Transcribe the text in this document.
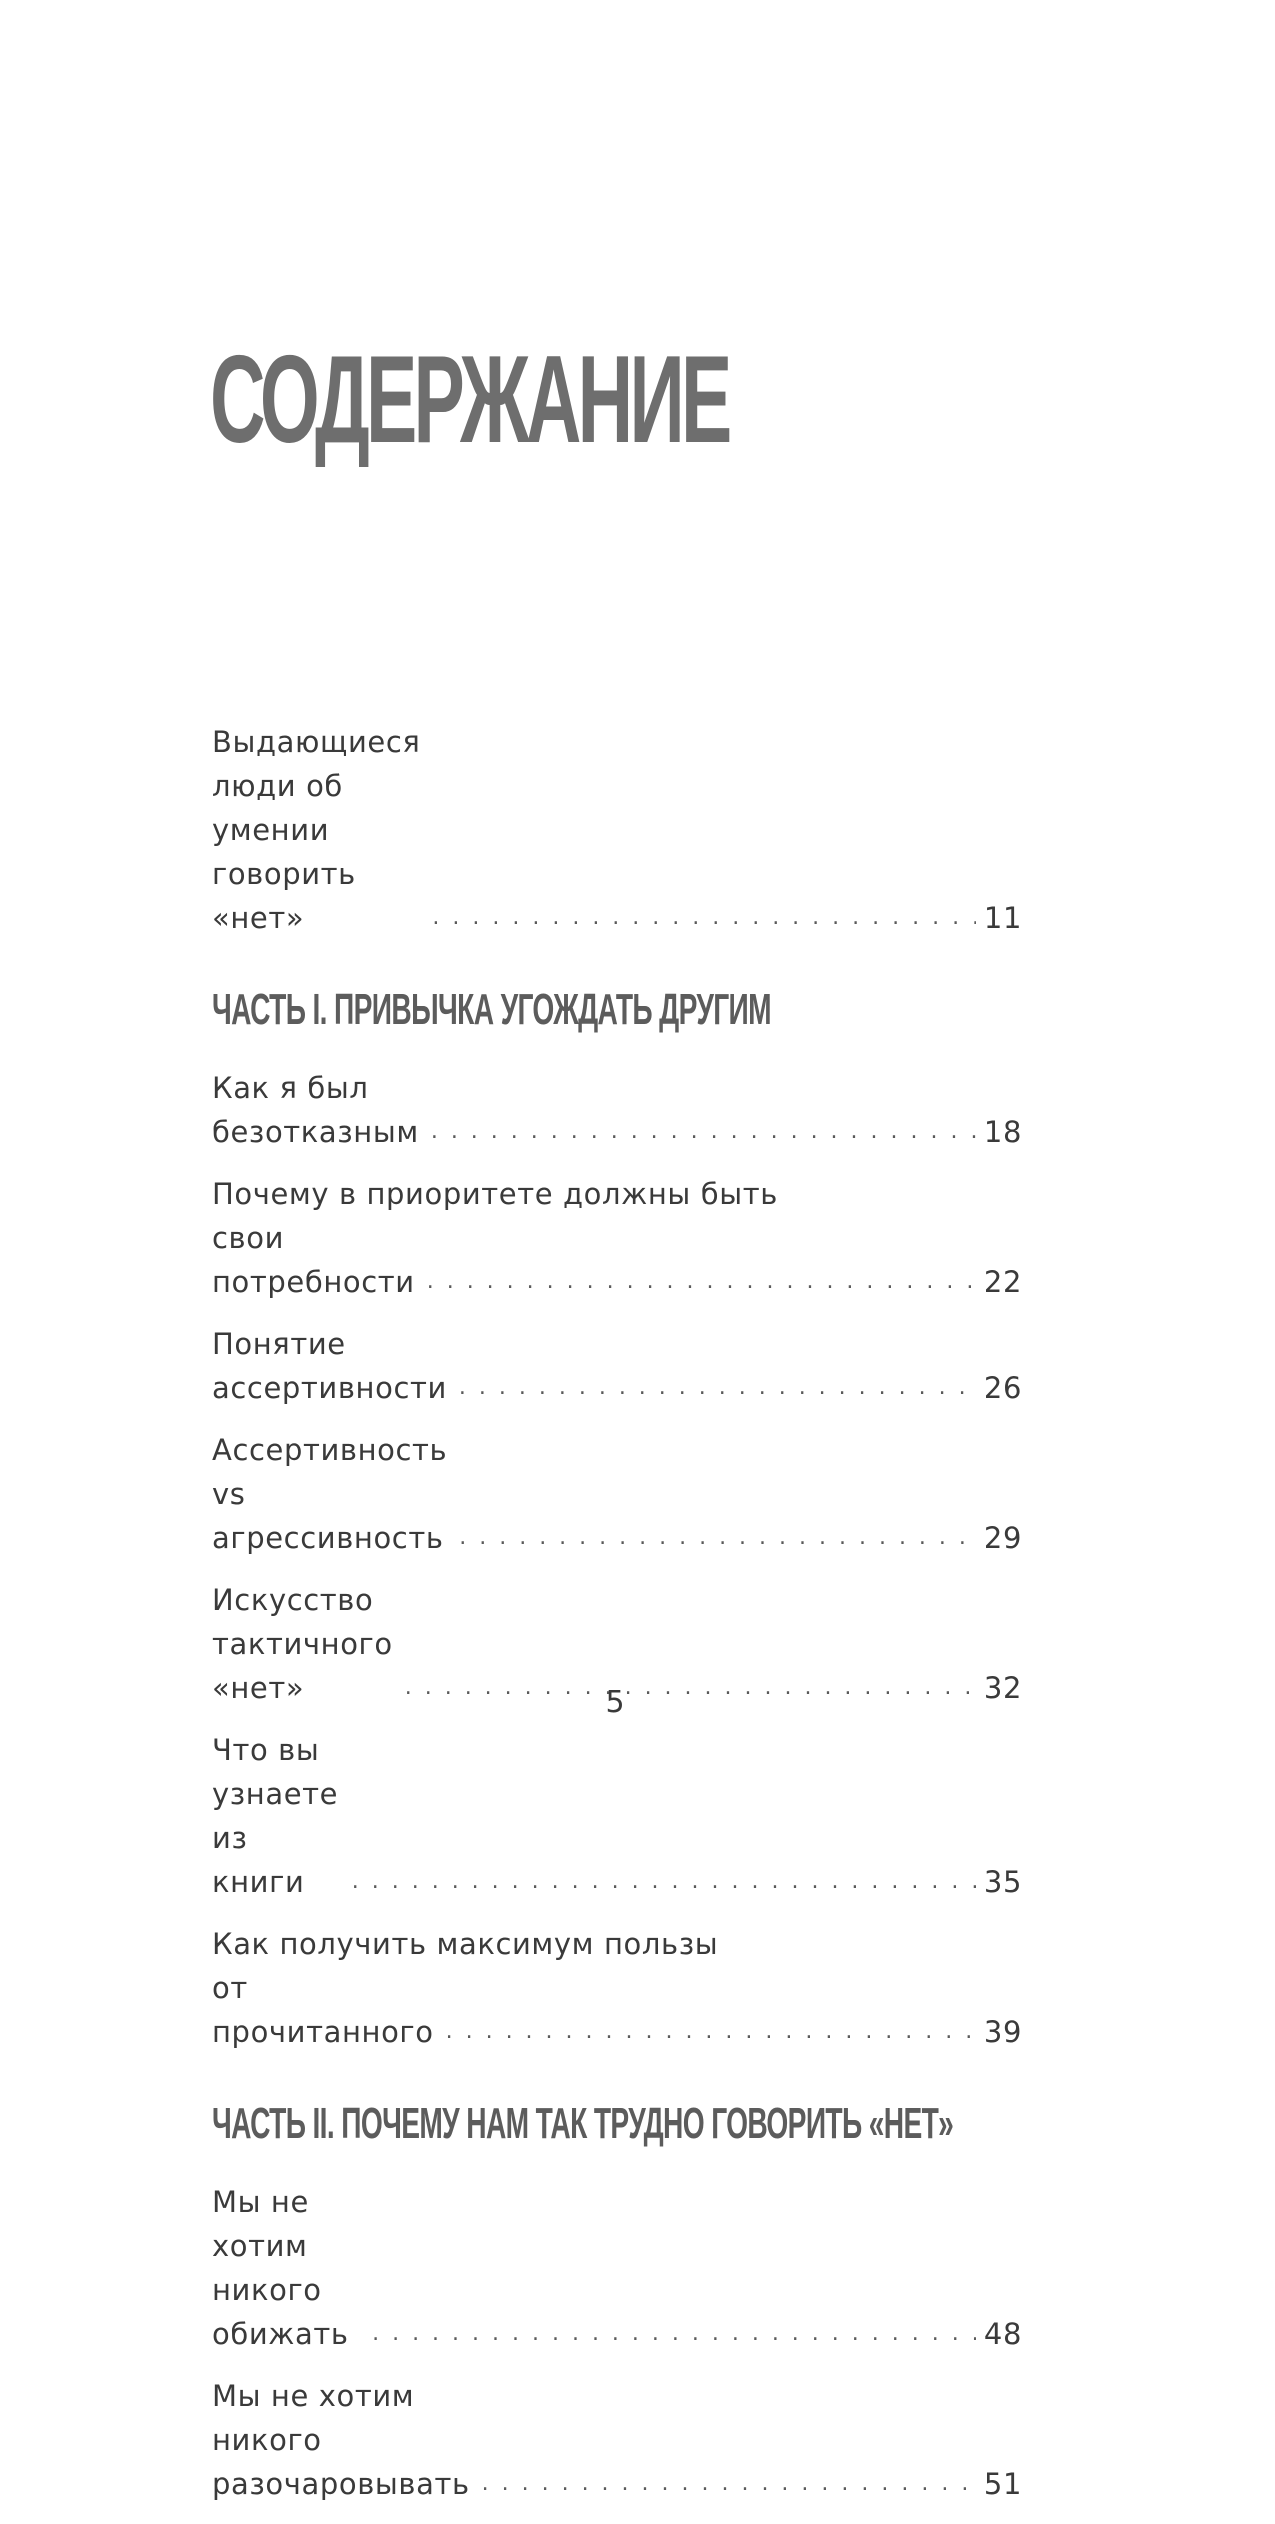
СОДЕРЖАНИЕ
Выдающиеся люди об умении говорить «нет» . . .	11
ЧАСТЬ I. ПРИВЫЧКА УГОЖДАТЬ ДРУГИМ
Как я был безотказным . . .	18
Почему в приоритете должны быть
свои потребности . . .	22
Понятие ассертивности . . .	26
Ассертивность vs агрессивность . . .	29
Искусство тактичного «нет» . . .	32
Что вы узнаете из книги . . .	35
Как получить максимум пользы
от прочитанного . . .	39
ЧАСТЬ II. ПОЧЕМУ НАМ ТАК ТРУДНО ГОВОРИТЬ «НЕТ»
Мы не хотим никого обижать . . .	48
Мы не хотим никого разочаровывать . . .	51
5
